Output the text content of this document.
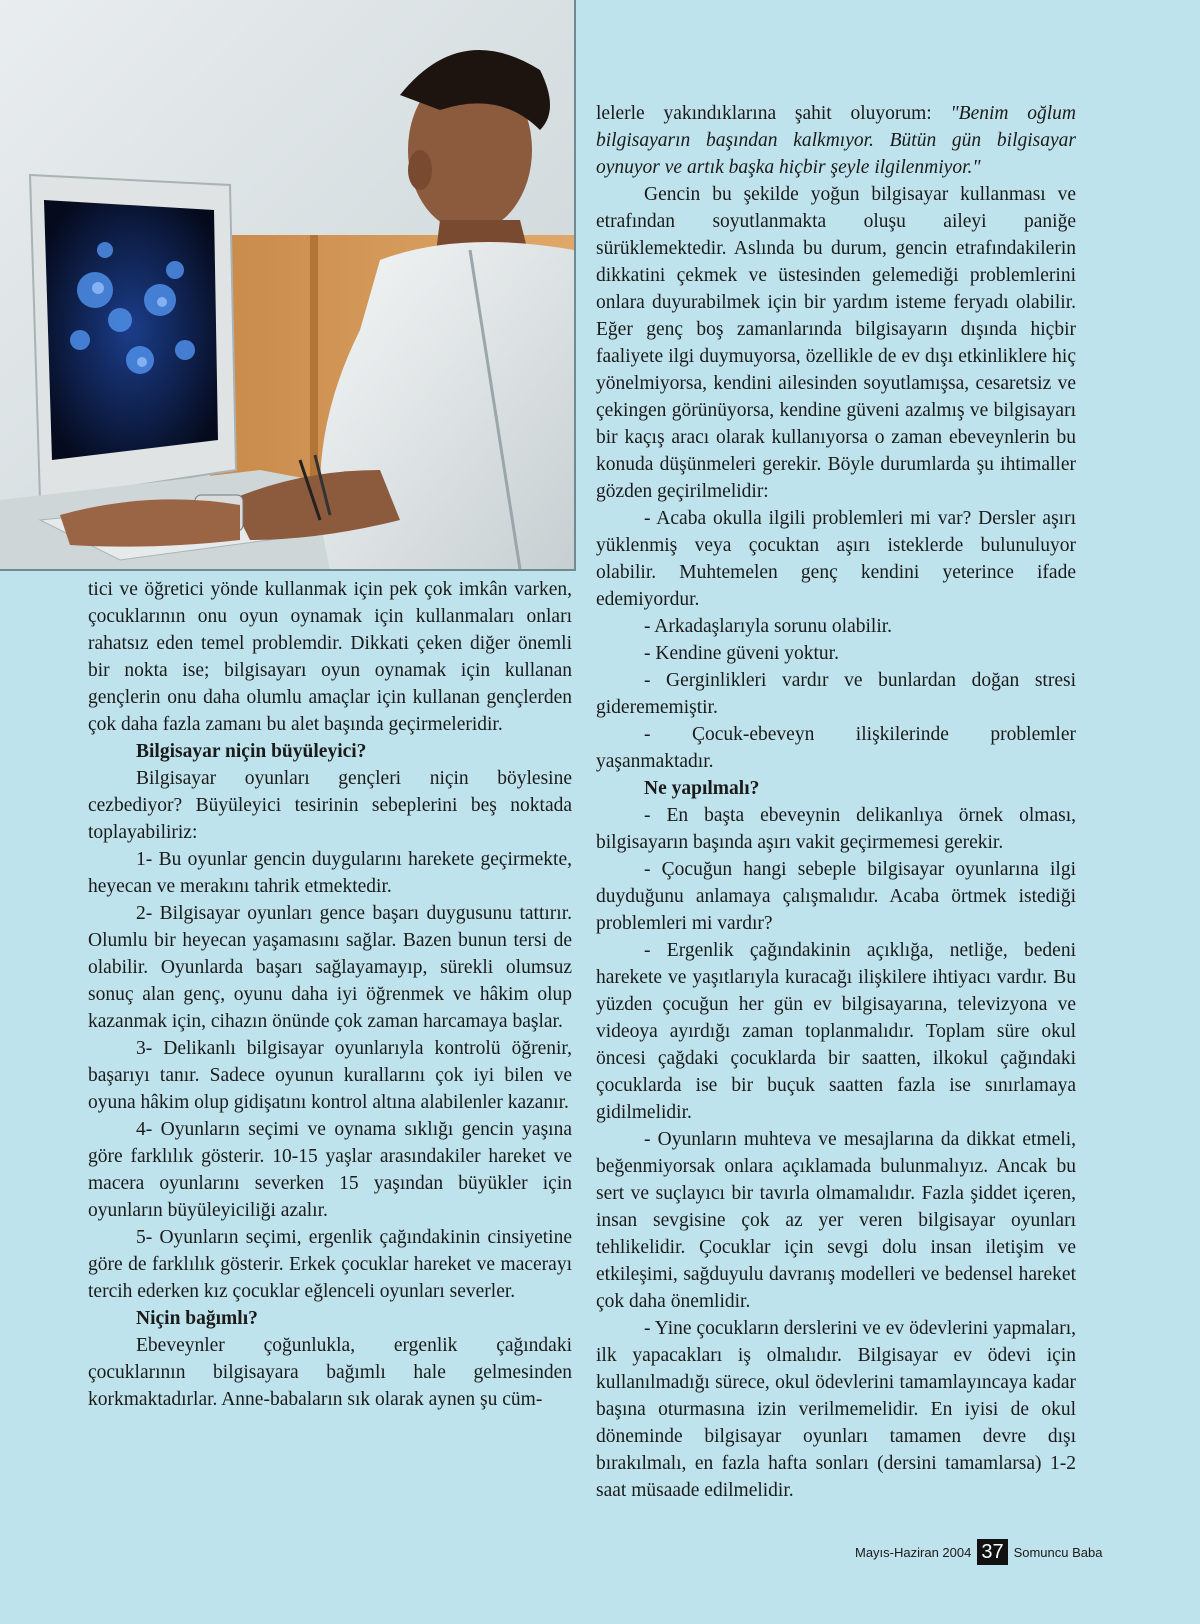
tici ve öğretici yönde kullanmak için pek çok imkân varken, çocuklarının onu oyun oynamak için kullanmaları onları rahatsız eden temel problemdir. Dikkati çeken diğer önemli bir nokta ise; bilgisayarı oyun oynamak için kullanan gençlerin onu daha olumlu amaçlar için kullanan gençlerden çok daha fazla zamanı bu alet başında geçirmeleridir.

Bilgisayar niçin büyüleyici?

Bilgisayar oyunları gençleri niçin böylesine cezbediyor? Büyüleyici tesirinin sebeplerini beş noktada toplayabiliriz:

1- Bu oyunlar gencin duygularını harekete geçirmekte, heyecan ve merakını tahrik etmektedir.

2- Bilgisayar oyunları gence başarı duygusunu tattırır. Olumlu bir heyecan yaşamasını sağlar. Bazen bunun tersi de olabilir. Oyunlarda başarı sağlayamayıp, sürekli olumsuz sonuç alan genç, oyunu daha iyi öğrenmek ve hâkim olup kazanmak için, cihazın önünde çok zaman harcamaya başlar.

3- Delikanlı bilgisayar oyunlarıyla kontrolü öğrenir, başarıyı tanır. Sadece oyunun kurallarını çok iyi bilen ve oyuna hâkim olup gidişatını kontrol altına alabilenler kazanır.

4- Oyunların seçimi ve oynama sıklığı gencin yaşına göre farklılık gösterir. 10-15 yaşlar arasındakiler hareket ve macera oyunlarını severken 15 yaşından büyükler için oyunların büyüleyiciliği azalır.

5- Oyunların seçimi, ergenlik çağındakinin cinsiyetine göre de farklılık gösterir. Erkek çocuklar hareket ve macerayı tercih ederken kız çocuklar eğlenceli oyunları severler.

Niçin bağımlı?

Ebeveynler çoğunlukla, ergenlik çağındaki çocuklarının bilgisayara bağımlı hale gelmesinden korkmaktadırlar. Anne-babaların sık olarak aynen şu cüm-

lelerle yakındıklarına şahit oluyorum: "Benim oğlum bilgisayarın başından kalkmıyor. Bütün gün bilgisayar oynuyor ve artık başka hiçbir şeyle ilgilenmiyor."

Gencin bu şekilde yoğun bilgisayar kullanması ve etrafından soyutlanmakta oluşu aileyi paniğe sürüklemektedir. Aslında bu durum, gencin etrafındakilerin dikkatini çekmek ve üstesinden gelemediği problemlerini onlara duyurabilmek için bir yardım isteme feryadı olabilir. Eğer genç boş zamanlarında bilgisayarın dışında hiçbir faaliyete ilgi duymuyorsa, özellikle de ev dışı etkinliklere hiç yönelmiyorsa, kendini ailesinden soyutlamışsa, cesaretsiz ve çekingen görünüyorsa, kendine güveni azalmış ve bilgisayarı bir kaçış aracı olarak kullanıyorsa o zaman ebeveynlerin bu konuda düşünmeleri gerekir. Böyle durumlarda şu ihtimaller gözden geçirilmelidir:

- Acaba okulla ilgili problemleri mi var? Dersler aşırı yüklenmiş veya çocuktan aşırı isteklerde bulunuluyor olabilir. Muhtemelen genç kendini yeterince ifade edemiyordur.

- Arkadaşlarıyla sorunu olabilir.

- Kendine güveni yoktur.

- Gerginlikleri vardır ve bunlardan doğan stresi giderememiştir.

- Çocuk-ebeveyn ilişkilerinde problemler yaşanmaktadır.

Ne yapılmalı?

- En başta ebeveynin delikanlıya örnek olması, bilgisayarın başında aşırı vakit geçirmemesi gerekir.

- Çocuğun hangi sebeple bilgisayar oyunlarına ilgi duyduğunu anlamaya çalışmalıdır. Acaba örtmek istediği problemleri mi vardır?

- Ergenlik çağındakinin açıklığa, netliğe, bedeni harekete ve yaşıtlarıyla kuracağı ilişkilere ihtiyacı vardır. Bu yüzden çocuğun her gün ev bilgisayarına, televizyona ve videoya ayırdığı zaman toplanmalıdır. Toplam süre okul öncesi çağdaki çocuklarda bir saatten, ilkokul çağındaki çocuklarda ise bir buçuk saatten fazla ise sınırlamaya gidilmelidir.

- Oyunların muhteva ve mesajlarına da dikkat etmeli, beğenmiyorsak onlara açıklamada bulunmalıyız. Ancak bu sert ve suçlayıcı bir tavırla olmamalıdır. Fazla şiddet içeren, insan sevgisine çok az yer veren bilgisayar oyunları tehlikelidir. Çocuklar için sevgi dolu insan iletişim ve etkileşimi, sağduyulu davranış modelleri ve bedensel hareket çok daha önemlidir.

- Yine çocukların derslerini ve ev ödevlerini yapmaları, ilk yapacakları iş olmalıdır. Bilgisayar ev ödevi için kullanılmadığı sürece, okul ödevlerini tamamlayıncaya kadar başına oturmasına izin verilmemelidir. En iyisi de okul döneminde bilgisayar oyunları tamamen devre dışı bırakılmalı, en fazla hafta sonları (dersini tamamlarsa) 1-2 saat müsaade edilmelidir.

Mayıs-Haziran 2004 37 Somuncu Baba
